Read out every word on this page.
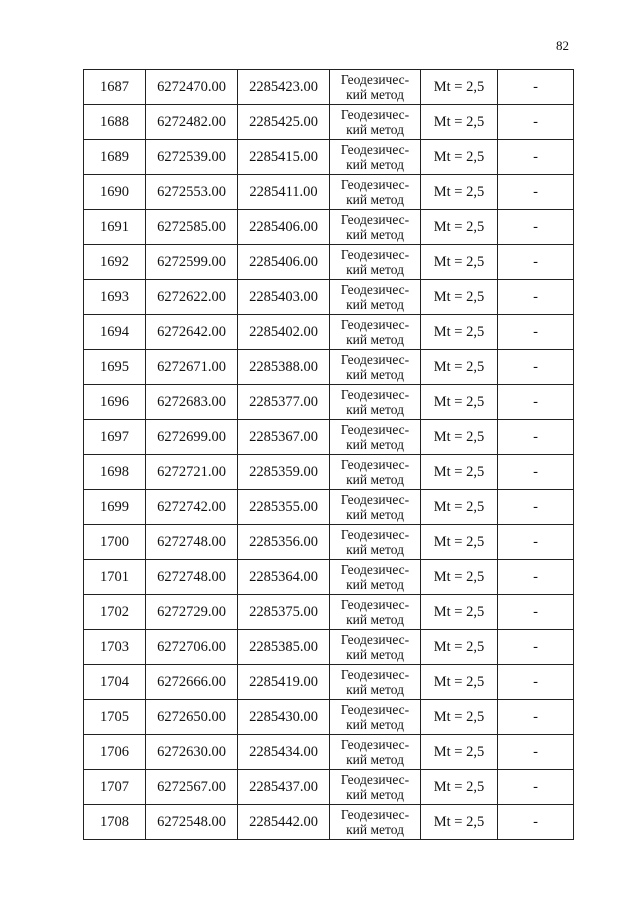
82
1687	6272470.00	2285423.00	Геодезичес-
кий метод	Mt = 2,5	-
1688	6272482.00	2285425.00	Геодезичес-
кий метод	Mt = 2,5	-
1689	6272539.00	2285415.00	Геодезичес-
кий метод	Mt = 2,5	-
1690	6272553.00	2285411.00	Геодезичес-
кий метод	Mt = 2,5	-
1691	6272585.00	2285406.00	Геодезичес-
кий метод	Mt = 2,5	-
1692	6272599.00	2285406.00	Геодезичес-
кий метод	Mt = 2,5	-
1693	6272622.00	2285403.00	Геодезичес-
кий метод	Mt = 2,5	-
1694	6272642.00	2285402.00	Геодезичес-
кий метод	Mt = 2,5	-
1695	6272671.00	2285388.00	Геодезичес-
кий метод	Mt = 2,5	-
1696	6272683.00	2285377.00	Геодезичес-
кий метод	Mt = 2,5	-
1697	6272699.00	2285367.00	Геодезичес-
кий метод	Mt = 2,5	-
1698	6272721.00	2285359.00	Геодезичес-
кий метод	Mt = 2,5	-
1699	6272742.00	2285355.00	Геодезичес-
кий метод	Mt = 2,5	-
1700	6272748.00	2285356.00	Геодезичес-
кий метод	Mt = 2,5	-
1701	6272748.00	2285364.00	Геодезичес-
кий метод	Mt = 2,5	-
1702	6272729.00	2285375.00	Геодезичес-
кий метод	Mt = 2,5	-
1703	6272706.00	2285385.00	Геодезичес-
кий метод	Mt = 2,5	-
1704	6272666.00	2285419.00	Геодезичес-
кий метод	Mt = 2,5	-
1705	6272650.00	2285430.00	Геодезичес-
кий метод	Mt = 2,5	-
1706	6272630.00	2285434.00	Геодезичес-
кий метод	Mt = 2,5	-
1707	6272567.00	2285437.00	Геодезичес-
кий метод	Mt = 2,5	-
1708	6272548.00	2285442.00	Геодезичес-
кий метод	Mt = 2,5	-
